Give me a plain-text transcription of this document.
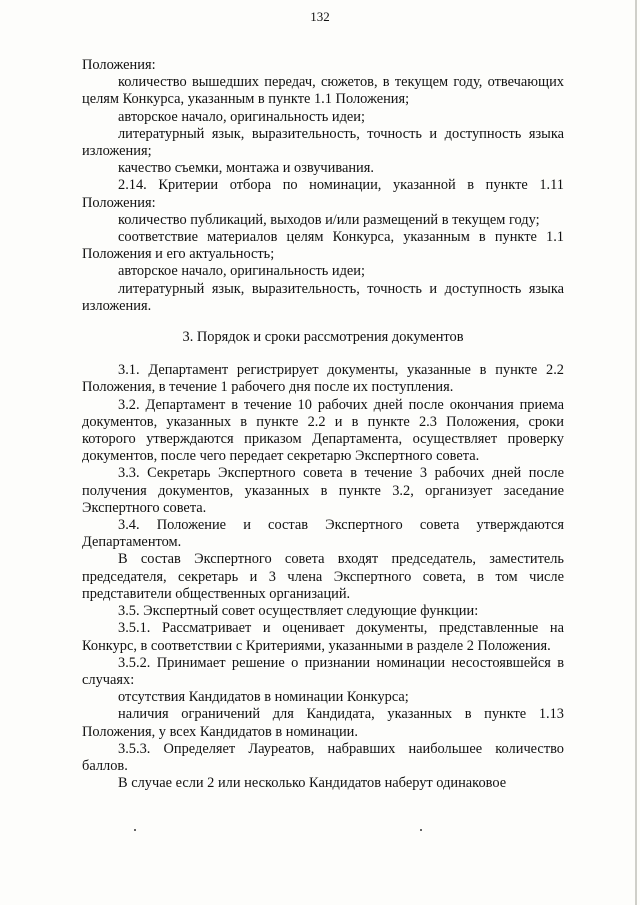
132

Положения:

количество вышедших передач, сюжетов, в текущем году, отвечающих целям Конкурса, указанным в пункте 1.1 Положения;

авторское начало, оригинальность идеи;

литературный язык, выразительность, точность и доступность языка изложения;

качество съемки, монтажа и озвучивания.

2.14. Критерии отбора по номинации, указанной в пункте 1.11 Положения:

количество публикаций, выходов и/или размещений в текущем году;

соответствие материалов целям Конкурса, указанным в пункте 1.1 Положения и его актуальность;

авторское начало, оригинальность идеи;

литературный язык, выразительность, точность и доступность языка изложения.

3. Порядок и сроки рассмотрения документов

3.1. Департамент регистрирует документы, указанные в пункте 2.2 Положения, в течение 1 рабочего дня после их поступления.

3.2. Департамент в течение 10 рабочих дней после окончания приема документов, указанных в пункте 2.2 и в пункте 2.3 Положения, сроки которого утверждаются приказом Департамента, осуществляет проверку документов, после чего передает секретарю Экспертного совета.

3.3. Секретарь Экспертного совета в течение 3 рабочих дней после получения документов, указанных в пункте 3.2, организует заседание Экспертного совета.

3.4. Положение и состав Экспертного совета утверждаются Департаментом.

В состав Экспертного совета входят председатель, заместитель председателя, секретарь и 3 члена Экспертного совета, в том числе представители общественных организаций.

3.5. Экспертный совет осуществляет следующие функции:

3.5.1. Рассматривает и оценивает документы, представленные на Конкурс, в соответствии с Критериями, указанными в разделе 2 Положения.

3.5.2. Принимает решение о признании номинации несостоявшейся в случаях:

отсутствия Кандидатов в номинации Конкурса;

наличия ограничений для Кандидата, указанных в пункте 1.13 Положения, у всех Кандидатов в номинации.

3.5.3. Определяет Лауреатов, набравших наибольшее количество баллов.

В случае если 2 или несколько Кандидатов наберут одинаковое
